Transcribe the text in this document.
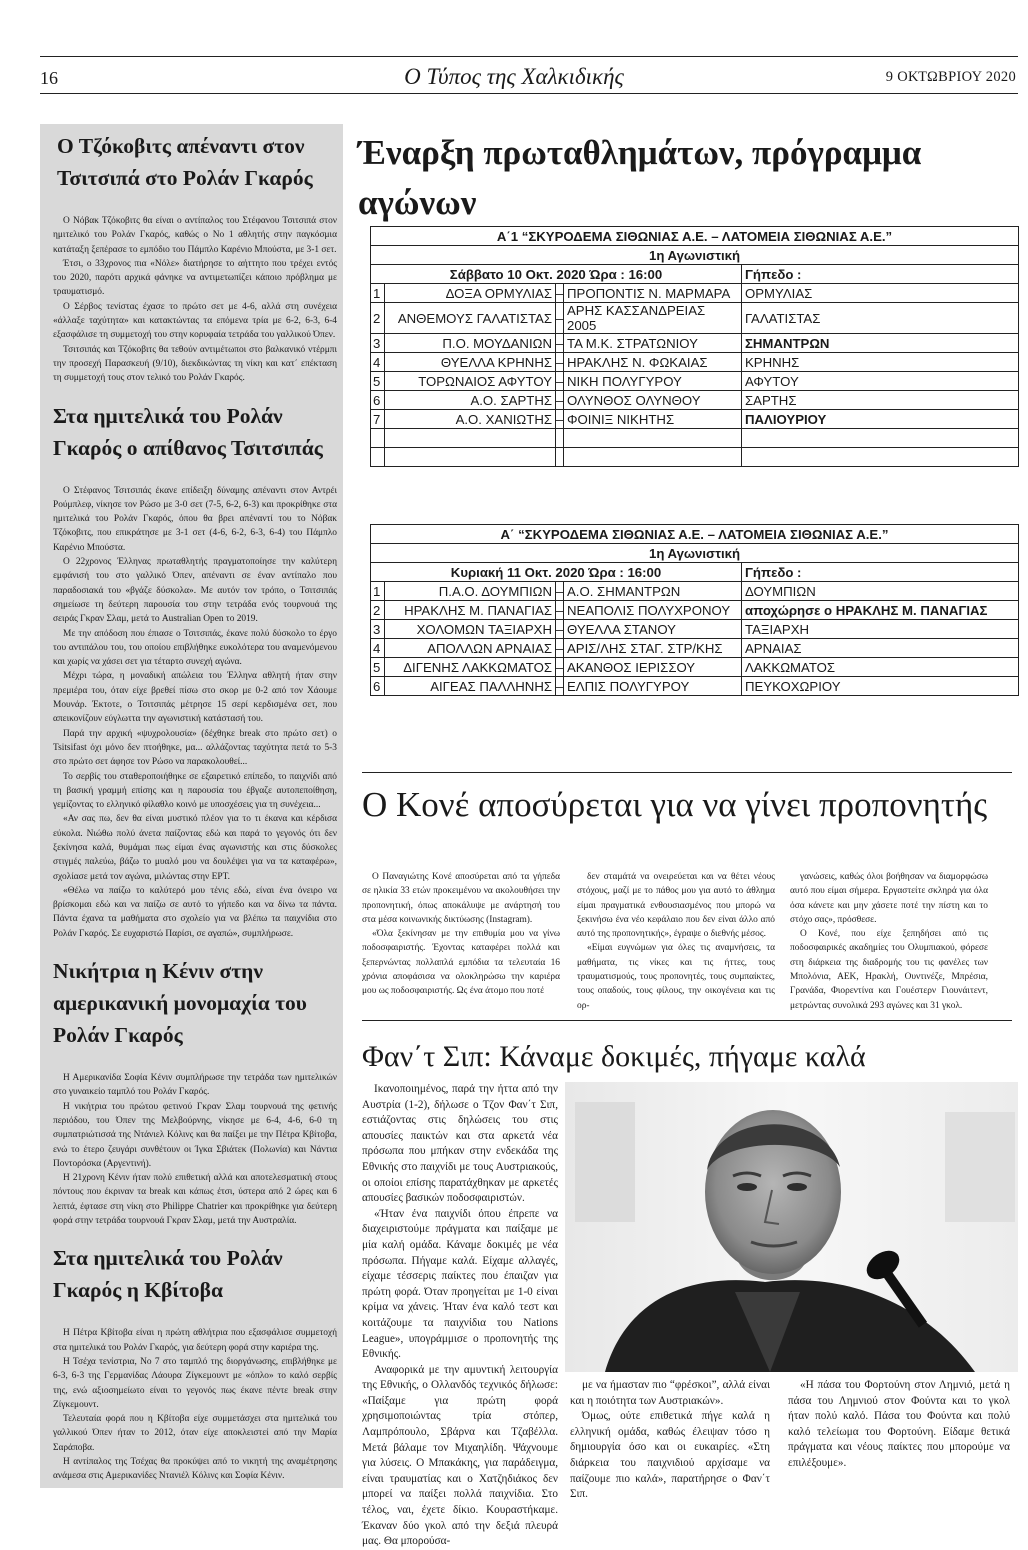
16	Ο Τύπος της Χαλκιδικής	9 ΟΚΤΩΒΡΙΟΥ 2020
Ο Τζόκοβιτς απέναντι στον Τσιτσιπά στο Ρολάν Γκαρός

Ο Νόβακ Τζόκοβιτς θα είναι ο αντίπαλος του Στέφανου Τσιτσιπά στον ημιτελικό του Ρολάν Γκαρός, καθώς ο Νο 1 αθλητής στην παγκόσμια κατάταξη ξεπέρασε το εμπόδιο του Πάμπλο Καρένιο Μπούστα, με 3-1 σετ.

Έτσι, ο 33χρονος πια «Νόλε» διατήρησε το αήττητο που τρέχει εντός του 2020, παρότι αρχικά φάνηκε να αντιμετωπίζει κάποιο πρόβλημα με τραυματισμό.

Ο Σέρβος τενίστας έχασε το πρώτο σετ με 4-6, αλλά στη συνέχεια «άλλαξε ταχύτητα» και κατακτώντας τα επόμενα τρία με 6-2, 6-3, 6-4 εξασφάλισε τη συμμετοχή του στην κορυφαία τετράδα του γαλλικού Όπεν.

Τσιτσιπάς και Τζόκοβιτς θα τεθούν αντιμέτωποι στο βαλκανικό ντέρμπι την προσεχή Παρασκευή (9/10), διεκδικώντας τη νίκη και κατ΄ επέκταση τη συμμετοχή τους στον τελικό του Ρολάν Γκαρός.

Στα ημιτελικά του Ρολάν Γκαρός ο απίθανος Τσιτσιπάς

Ο Στέφανος Τσιτσιπάς έκανε επίδειξη δύναμης απέναντι στον Αντρέι Ρούμπλεφ, νίκησε τον Ρώσο με 3-0 σετ (7-5, 6-2, 6-3) και προκρίθηκε στα ημιτελικά του Ρολάν Γκαρός, όπου θα βρει απέναντί του το Νόβακ Τζόκοβιτς, που επικράτησε με 3-1 σετ (4-6, 6-2, 6-3, 6-4) του Πάμπλο Καρένιο Μπούστα.

Ο 22χρονος Έλληνας πρωταθλητής πραγματοποίησε την καλύτερη εμφάνισή του στο γαλλικό Όπεν, απέναντι σε έναν αντίπαλο που παραδοσιακά του «βγάζε δύσκολα». Με αυτόν τον τρόπο, ο Τσιτσιπάς σημείωσε τη δεύτερη παρουσία του στην τετράδα ενός τουρνουά της σειράς Γκραν Σλαμ, μετά το Australian Open το 2019.

Με την απόδοση που έπιασε ο Τσιτσιπάς, έκανε πολύ δύσκολο το έργο του αντιπάλου του, του οποίου επιβλήθηκε ευκολότερα του αναμενόμενου και χωρίς να χάσει σετ για τέταρτο συνεχή αγώνα.

Μέχρι τώρα, η μοναδική απώλεια του Έλληνα αθλητή ήταν στην πρεμιέρα του, όταν είχε βρεθεί πίσω στο σκορ με 0-2 από τον Χάουμε Μουνάρ. Έκτοτε, ο Τσιτσιπάς μέτρησε 15 σερί κερδισμένα σετ, που απεικονίζουν εύγλωττα την αγωνιστική κατάστασή του.

Παρά την αρχική «ψυχρολουσία» (δέχθηκε break στο πρώτο σετ) ο Tsitsifast όχι μόνο δεν πτοήθηκε, μα... αλλάζοντας ταχύτητα πετά το 5-3 στο πρώτο σετ άφησε τον Ρώσο να παρακολουθεί...

Το σερβίς του σταθεροποιήθηκε σε εξαιρετικό επίπεδο, το παιχνίδι από τη βασική γραμμή επίσης και η παρουσία του έβγαζε αυτοπεποίθηση, γεμίζοντας το ελληνικό φίλαθλο κοινό με υποσχέσεις για τη συνέχεια...

«Αν σας πω, δεν θα είναι μυστικό πλέον για το τι έκανα και κέρδισα εύκολα. Νιώθω πολύ άνετα παίζοντας εδώ και παρά το γεγονός ότι δεν ξεκίνησα καλά, θυμάμαι πως είμαι ένας αγωνιστής και στις δύσκολες στιγμές παλεύω, βάζω το μυαλό μου να δουλέψει για να τα καταφέρω», σχολίασε μετά τον αγώνα, μιλώντας στην ΕΡΤ.

«Θέλω να παίζω το καλύτερό μου τένις εδώ, είναι ένα όνειρο να βρίσκομαι εδώ και να παίζω σε αυτό το γήπεδο και να δίνω τα πάντα. Πάντα έχανα τα μαθήματα στο σχολείο για να βλέπω τα παιχνίδια στο Ρολάν Γκαρός. Σε ευχαριστώ Παρίσι, σε αγαπώ», συμπλήρωσε.

Νικήτρια η Κένιν στην αμερικανική μονομαχία του Ρολάν Γκαρός

Η Αμερικανίδα Σοφία Κένιν συμπλήρωσε την τετράδα των ημιτελικών στο γυναικείο ταμπλό του Ρολάν Γκαρός.

Η νικήτρια του πρώτου φετινού Γκραν Σλαμ τουρνουά της φετινής περιόδου, του Όπεν της Μελβούρνης, νίκησε με 6-4, 4-6, 6-0 τη συμπατριώτισσά της Ντάνιελ Κόλινς και θα παίξει με την Πέτρα Κβίτοβα, ενώ το έτερο ζευγάρι συνθέτουν οι Ίγκα Σβιάτεκ (Πολωνία) και Νάντια Ποντορόσκα (Αργεντινή).

Η 21χρονη Κένιν ήταν πολύ επιθετική αλλά και αποτελεσματική στους πόντους που έκριναν τα break και κάπως έτσι, ύστερα από 2 ώρες και 6 λεπτά, έφτασε στη νίκη στο Philippe Chatrier και προκρίθηκε για δεύτερη φορά στην τετράδα τουρνουά Γκραν Σλαμ, μετά την Αυστραλία.

Στα ημιτελικά του Ρολάν Γκαρός η Κβίτοβα

Η Πέτρα Κβίτοβα είναι η πρώτη αθλήτρια που εξασφάλισε συμμετοχή στα ημιτελικά του Ρολάν Γκαρός, για δεύτερη φορά στην καριέρα της.

Η Τσέχα τενίστρια, Νο 7 στο ταμπλό της διοργάνωσης, επιβλήθηκε με 6-3, 6-3 της Γερμανίδας Λάουρα Ζίγκεμουντ με «όπλο» το καλό σερβίς της, ενώ αξιοσημείωτο είναι το γεγονός πως έκανε πέντε break στην Ζίγκεμουντ.

Τελευταία φορά που η Κβίτοβα είχε συμμετάσχει στα ημιτελικά του γαλλικού Όπεν ήταν το 2012, όταν είχε αποκλειστεί από την Μαρία Σαράποβα.

Η αντίπαλος της Τσέχας θα προκύψει από το νικητή της αναμέτρησης ανάμεσα στις Αμερικανίδες Ντανιέλ Κόλινς και Σοφία Κένιν.

Έναρξη πρωταθλημάτων, πρόγραμμα αγώνων
Α΄1 “ΣΚΥΡΟΔΕΜΑ ΣΙΘΩΝΙΑΣ Α.Ε. – ΛΑΤΟΜΕΙΑ ΣΙΘΩΝΙΑΣ Α.Ε.”				
1η Αγωνιστική				
Σάββατο 10 Οκτ. 2020 Ώρα : 16:00				Γήπεδο :
1	ΔΟΞΑ ΟΡΜΥΛΙΑΣ	–	ΠΡΟΠΟΝΤΙΣ Ν. ΜΑΡΜΑΡΑ	ΟΡΜΥΛΙΑΣ
2	ΑΝΘΕΜΟΥΣ ΓΑΛΑΤΙΣΤΑΣ	–	ΑΡΗΣ ΚΑΣΣΑΝΔΡΕΙΑΣ 2005	ΓΑΛΑΤΙΣΤΑΣ
3	Π.Ο. ΜΟΥΔΑΝΙΩΝ	–	ΤΑ Μ.Κ. ΣΤΡΑΤΩΝΙΟΥ	ΣΗΜΑΝΤΡΩΝ
4	ΘΥΕΛΛΑ ΚΡΗΝΗΣ	–	ΗΡΑΚΛΗΣ Ν. ΦΩΚΑΙΑΣ	ΚΡΗΝΗΣ
5	ΤΟΡΩΝΑΙΟΣ ΑΦΥΤΟΥ	–	ΝΙΚΗ ΠΟΛΥΓΥΡΟΥ	ΑΦΥΤΟΥ
6	Α.Ο. ΣΑΡΤΗΣ	–	ΟΛΥΝΘΟΣ ΟΛΥΝΘΟΥ	ΣΑΡΤΗΣ
7	Α.Ο. ΧΑΝΙΩΤΗΣ	–	ΦΟΙΝΙΞ ΝΙΚΗΤΗΣ	ΠΑΛΙΟΥΡΙΟΥ

Α΄ “ΣΚΥΡΟΔΕΜΑ ΣΙΘΩΝΙΑΣ Α.Ε. – ΛΑΤΟΜΕΙΑ ΣΙΘΩΝΙΑΣ Α.Ε.”				
1η Αγωνιστική				
Κυριακή 11 Οκτ. 2020 Ώρα : 16:00				Γήπεδο :
1	Π.Α.Ο. ΔΟΥΜΠΙΩΝ	–	Α.Ο. ΣΗΜΑΝΤΡΩΝ	ΔΟΥΜΠΙΩΝ
2	ΗΡΑΚΛΗΣ Μ. ΠΑΝΑΓΙΑΣ	–	ΝΕΑΠΟΛΙΣ ΠΟΛΥΧΡΟΝΟΥ	αποχώρησε ο ΗΡΑΚΛΗΣ Μ. ΠΑΝΑΓΙΑΣ
3	ΧΟΛΟΜΩΝ ΤΑΞΙΑΡΧΗ	–	ΘΥΕΛΛΑ ΣΤΑΝΟΥ	ΤΑΞΙΑΡΧΗ
4	ΑΠΟΛΛΩΝ ΑΡΝΑΙΑΣ	–	ΑΡΙΣ/ΛΗΣ ΣΤΑΓ. ΣΤΡ/ΚΗΣ	ΑΡΝΑΙΑΣ
5	ΔΙΓΕΝΗΣ ΛΑΚΚΩΜΑΤΟΣ	–	ΑΚΑΝΘΟΣ ΙΕΡΙΣΣΟΥ	ΛΑΚΚΩΜΑΤΟΣ
6	ΑΙΓΕΑΣ ΠΑΛΛΗΝΗΣ	–	ΕΛΠΙΣ ΠΟΛΥΓΥΡΟΥ	ΠΕΥΚΟΧΩΡΙΟΥ
Ο Κονέ αποσύρεται για να γίνει προπονητής

Ο Παναγιώτης Κονέ αποσύρεται από τα γήπεδα σε ηλικία 33 ετών προκειμένου να ακολουθήσει την προπονητική, όπως αποκάλυψε με ανάρτησή του στα μέσα κοινωνικής δικτύωσης (Instagram).

«Όλα ξεκίνησαν με την επιθυμία μου να γίνω ποδοσφαιριστής. Έχοντας καταφέρει πολλά και ξεπερνώντας πολλαπλά εμπόδια τα τελευταία 16 χρόνια αποφάσισα να ολοκληρώσω την καριέρα μου ως ποδοσφαιριστής. Ως ένα άτομο που ποτέ

δεν σταμάτά να ονειρεύεται και να θέτει νέους στόχους, μαζί με το πάθος μου για αυτό το άθλημα είμαι πραγματικά ενθουσιασμένος που μπορώ να ξεκινήσω ένα νέο κεφάλαιο που δεν είναι άλλο από αυτό της προπονητικής», έγραψε ο διεθνής μέσος.

«Είμαι ευγνώμων για όλες τις αναμνήσεις, τα μαθήματα, τις νίκες και τις ήττες, τους τραυματισμούς, τους προπονητές, τους συμπαίκτες, τους οπαδούς, τους φίλους, την οικογένεια και τις ορ-

γανώσεις, καθώς όλοι βοήθησαν να διαμορφώσω αυτό που είμαι σήμερα. Εργαστείτε σκληρά για όλα όσα κάνετε και μην χάσετε ποτέ την πίστη και το στόχο σας», πρόσθεσε.

Ο Κονέ, που είχε ξεπηδήσει από τις ποδοσφαιρικές ακαδημίες του Ολυμπιακού, φόρεσε στη διάρκεια της διαδρομής του τις φανέλες των Μπολόνια, ΑΕΚ, Ηρακλή, Ουντινέζε, Μπρέσια, Γρανάδα, Φιορεντίνα και Γουέστερν Γιουνάιτεντ, μετρώντας συνολικά 293 αγώνες και 31 γκολ.

Φαν΄τ Σιπ: Κάναμε δοκιμές, πήγαμε καλά

Ικανοποιημένος, παρά την ήττα από την Αυστρία (1-2), δήλωσε ο Τζον Φαν΄τ Σιπ, εστιάζοντας στις δηλώσεις του στις απουσίες παικτών και στα αρκετά νέα πρόσωπα που μπήκαν στην ενδεκάδα της Εθνικής στο παιχνίδι με τους Αυστριακούς, οι οποίοι επίσης παρατάχθηκαν με αρκετές απουσίες βασικών ποδοσφαιριστών.

«Ήταν ένα παιχνίδι όπου έπρεπε να διαχειριστούμε πράγματα και παίξαμε με μία καλή ομάδα. Κάναμε δοκιμές με νέα πρόσωπα. Πήγαμε καλά. Είχαμε αλλαγές, είχαμε τέσσερις παίκτες που έπαιζαν για πρώτη φορά. Όταν προηγείται με 1-0 είναι κρίμα να χάνεις. Ήταν ένα καλό τεστ και κοιτάζουμε τα παιχνίδια του Nations League», υπογράμμισε ο προπονητής της Εθνικής.

Αναφορικά με την αμυντική λειτουργία της Εθνικής, ο Ολλανδός τεχνικός δήλωσε: «Παίξαμε για πρώτη φορά χρησιμοποιώντας τρία στόπερ, Λαμπρόπουλο, Σβάρνα και Τζαβέλλα. Μετά βάλαμε τον Μιχαηλίδη. Ψάχνουμε για λύσεις. Ο Μπακάκης, για παράδειγμα, είναι τραυματίας και ο Χατζηδιάκος δεν μπορεί να παίξει πολλά παιχνίδια. Στο τέλος, ναι, έχετε δίκιο. Κουραστήκαμε. Έκαναν δύο γκολ από την δεξιά πλευρά μας. Θα μπορούσα-

με να ήμασταν πιο “φρέσκοι”, αλλά είναι και η ποιότητα των Αυστριακών».

Όμως, ούτε επιθετικά πήγε καλά η ελληνική ομάδα, καθώς έλειψαν τόσο η δημιουργία όσο και οι ευκαιρίες. «Στη διάρκεια του παιχνιδιού αρχίσαμε να παίζουμε πιο καλά», παρατήρησε ο Φαν΄τ Σιπ.

«Η πάσα του Φορτούνη στον Λημνιό, μετά η πάσα του Λημνιού στον Φούντα και το γκολ ήταν πολύ καλό. Πάσα του Φούντα και πολύ καλό τελείωμα του Φορτούνη. Είδαμε θετικά πράγματα και νέους παίκτες που μπορούμε να επιλέξουμε».
